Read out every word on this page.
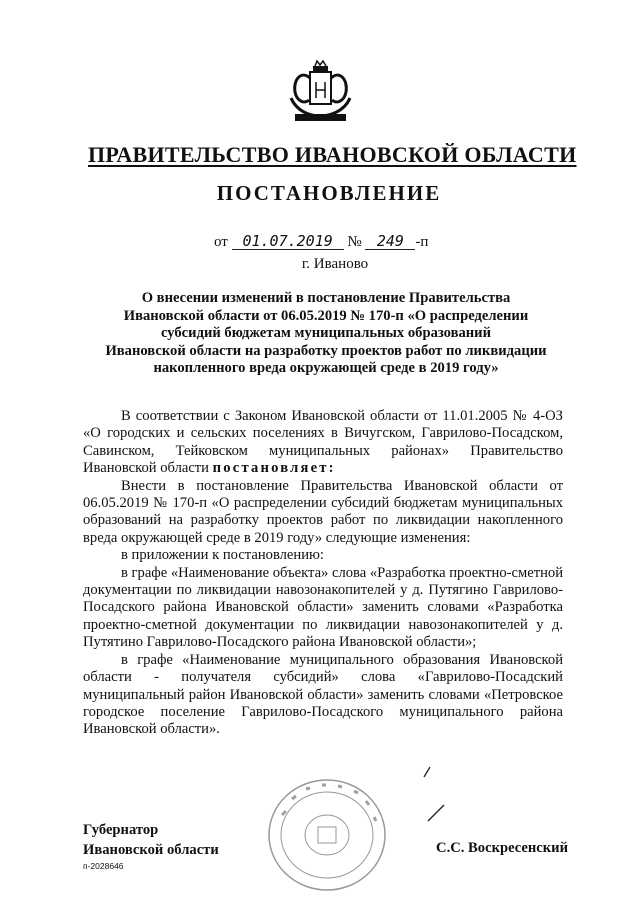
ПРАВИТЕЛЬСТВО ИВАНОВСКОЙ ОБЛАСТИ
ПОСТАНОВЛЕНИЕ
от 01.07.2019 № 249 -п
г. Иваново
О внесении изменений в постановление Правительства
Ивановской области от 06.05.2019 № 170-п «О распределении
субсидий бюджетам муниципальных образований
Ивановской области на разработку проектов работ по ликвидации
накопленного вреда окружающей среде в 2019 году»

В соответствии с Законом Ивановской области от 11.01.2005 № 4-ОЗ «О городских и сельских поселениях в Вичугском, Гаврилово-Посадском, Савинском, Тейковском муниципальных районах» Правительство Ивановской области постановляет:

Внести в постановление Правительства Ивановской области от 06.05.2019 № 170-п «О распределении субсидий бюджетам муниципальных образований на разработку проектов работ по ликвидации накопленного вреда окружающей среде в 2019 году» следующие изменения:

в приложении к постановлению:

в графе «Наименование объекта» слова «Разработка проектно-сметной документации по ликвидации навозонакопителей у д. Путягино Гаврилово-Посадского района Ивановской области» заменить словами «Разработка проектно-сметной документации по ликвидации навозонакопителей у д. Путятино Гаврилово-Посадского района Ивановской области»;

в графе «Наименование муниципального образования Ивановской области - получателя субсидий» слова «Гаврилово-Посадский муниципальный район Ивановской области» заменить словами «Петровское городское поселение Гаврилово-Посадского муниципального района Ивановской области».

Губернатор
Ивановской области
п-2028646
С.С. Воскресенский
